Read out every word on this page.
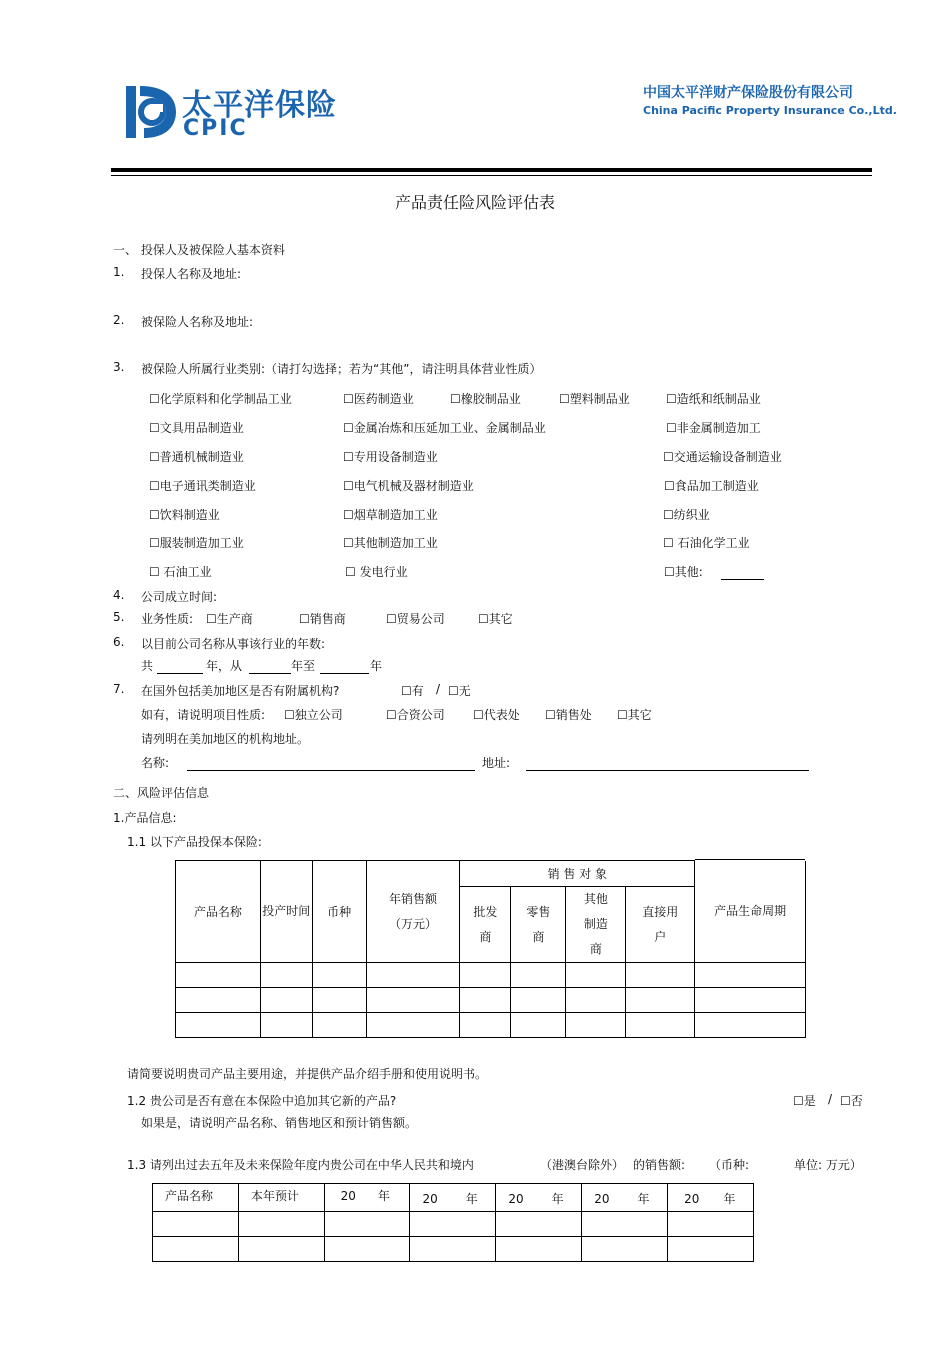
太平洋保险
CPIC
中国太平洋财产保险股份有限公司
China Pacific Property Insurance Co.,Ltd.
产品责任险风险评估表
一、 投保人及被保险人基本资料
1. 投保人名称及地址:
2. 被保险人名称及地址:
3. 被保险人所属行业类别:（请打勾选择；若为“其他”，请注明具体营业性质）
☐化学原料和化学制品工业	☐医药制造业	☐橡胶制品业	☐塑料制品业	☐造纸和纸制品业
☐文具用品制造业	☐金属冶炼和压延加工业、金属制品业	☐非金属制造加工
☐普通机械制造业	☐专用设备制造业	☐交通运输设备制造业
☐电子通讯类制造业	☐电气机械及器材制造业	☐食品加工制造业
☐饮料制造业	☐烟草制造加工业	☐纺织业
☐服装制造加工业	☐其他制造加工业	☐ 石油化学工业
☐ 石油工业	☐ 发电行业	☐其他:
4. 公司成立时间:
5. 业务性质: ☐生产商	☐销售商	☐贸易公司	☐其它
6. 以目前公司名称从事该行业的年数:
共	年，从	年至	年
7. 在国外包括美加地区是否有附属机构?	☐有 / ☐无
如有，请说明项目性质: ☐独立公司	☐合资公司 ☐代表处 ☐销售处 ☐其它
请列明在美加地区的机构地址。
名称:	地址:
二、风险评估信息
1.产品信息:
1.1 以下产品投保本保险:
产品名称	投产时间	币种	年销售额（万元）	销 售 对 象				产品生命周期
				批发商	零售商	其他制造商	直接用户	

请简要说明贵司产品主要用途，并提供产品介绍手册和使用说明书。
1.2 贵公司是否有意在本保险中追加其它新的产品?	☐是 / ☐否
如果是，请说明产品名称、销售地区和预计销售额。
1.3 请列出过去五年及未来保险年度内贵公司在中华人民共和境内	（港澳台除外） 的销售额: （币种:	单位: 万元）
产品名称	本年预计	20 年	20 年	20 年	20 年	20 年
